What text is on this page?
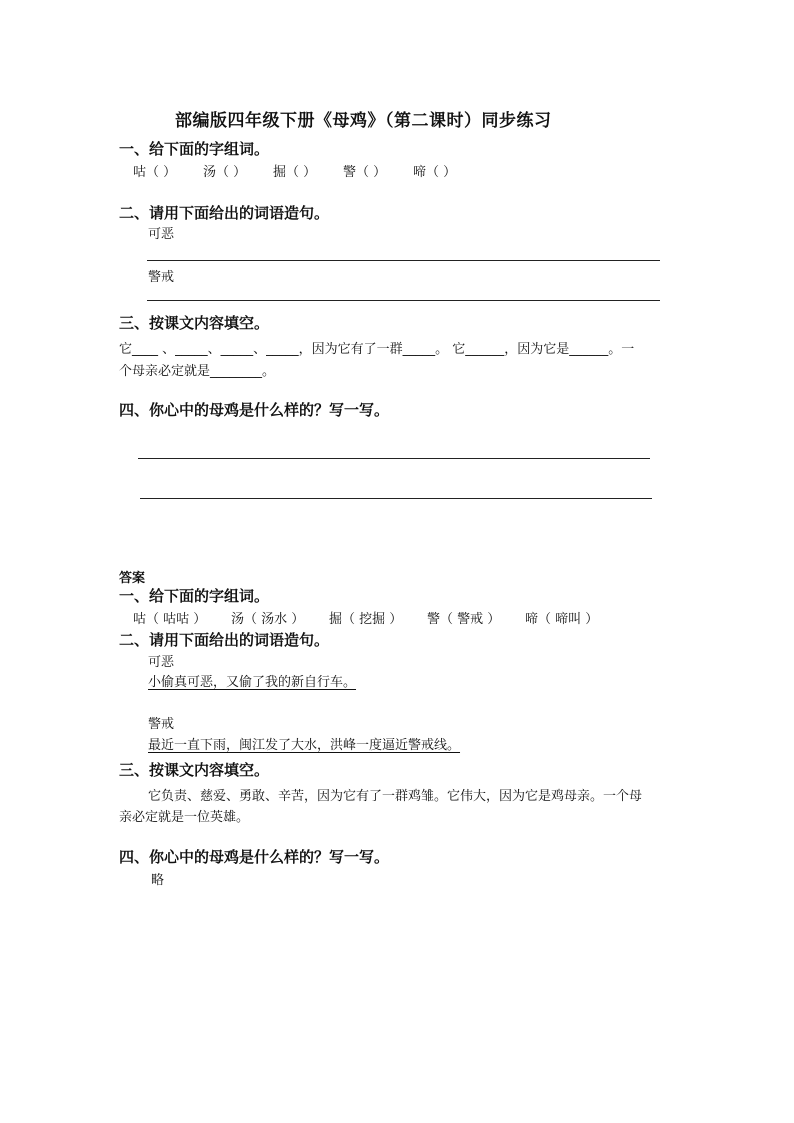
部编版四年级下册《母鸡》（第二课时）同步练习
一、给下面的字组词。
咕（ ） 汤（ ） 掘（ ） 警（ ） 啼（ ）
二、请用下面给出的词语造句。
可恶
警戒
三、按课文内容填空。
它____ 、_____、_____、_____，因为它有了一群_____。 它______，因为它是______。一
个母亲必定就是________。
四、你心中的母鸡是什么样的？写一写。
答案
一、给下面的字组词。
咕（ 咕咕 ） 汤（ 汤水 ） 掘（ 挖掘 ） 警（ 警戒 ） 啼（ 啼叫 ）
二、请用下面给出的词语造句。
可恶
小偷真可恶，又偷了我的新自行车。
警戒
最近一直下雨，闽江发了大水，洪峰一度逼近警戒线。
三、按课文内容填空。
它负责、慈爱、勇敢、辛苦，因为它有了一群鸡雏。它伟大，因为它是鸡母亲。一个母
亲必定就是一位英雄。
四、你心中的母鸡是什么样的？写一写。
略
